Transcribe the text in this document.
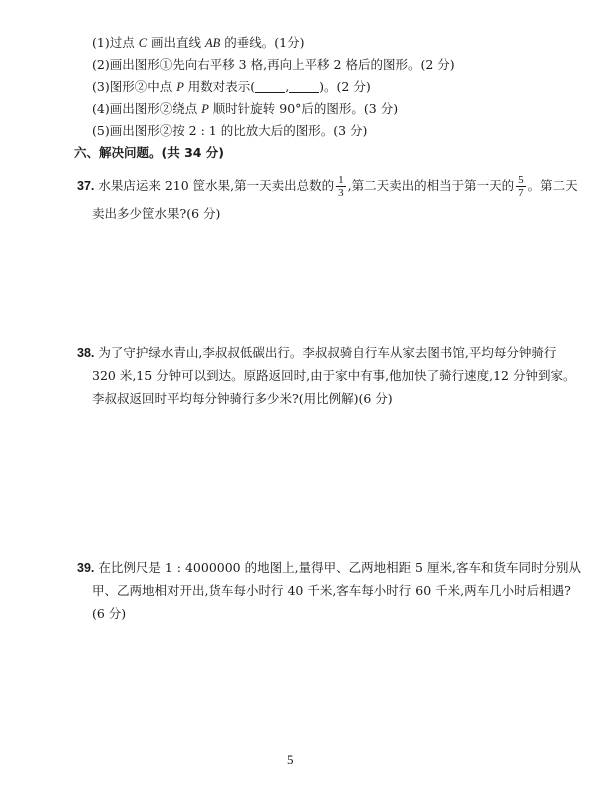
(1)过点 C 画出直线 AB 的垂线。(1分)
(2)画出图形①先向右平移 3 格,再向上平移 2 格后的图形。(2 分)
(3)图形②中点 P 用数对表示( , )。(2 分)
(4)画出图形②绕点 P 顺时针旋转 90°后的图形。(3 分)
(5)画出图形②按 2 : 1 的比放大后的图形。(3 分)
六、解决问题。(共 34 分)
37. 水果店运来 210 筐水果,第一天卖出总数的 $\frac{1}{3}$ ,第二天卖出的相当于第一天的 $\frac{5}{7}$ 。第二天
卖出多少筐水果?(6 分)
38. 为了守护绿水青山,李叔叔低碳出行。李叔叔骑自行车从家去图书馆,平均每分钟骑行
320 米,15 分钟可以到达。原路返回时,由于家中有事,他加快了骑行速度,12 分钟到家。
李叔叔返回时平均每分钟骑行多少米?(用比例解)(6 分)
39. 在比例尺是 1 : 4000000 的地图上,量得甲、乙两地相距 5 厘米,客车和货车同时分别从
甲、乙两地相对开出,货车每小时行 40 千米,客车每小时行 60 千米,两车几小时后相遇?
(6 分)
5
